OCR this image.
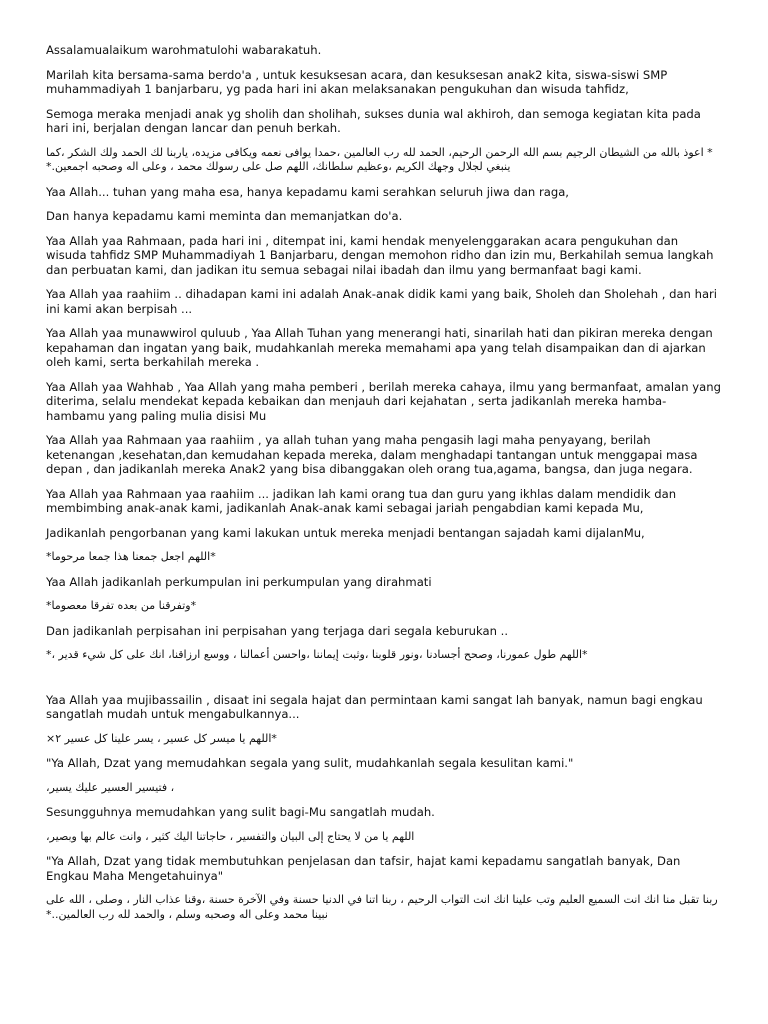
Assalamualaikum warohmatulohi wabarakatuh.

Marilah kita bersama-sama berdo'a , untuk kesuksesan acara, dan kesuksesan anak2 kita, siswa-siswi SMP muhammadiyah 1 banjarbaru, yg pada hari ini akan melaksanakan pengukuhan dan wisuda tahfidz,

Semoga meraka menjadi anak yg sholih dan sholihah, sukses dunia wal akhiroh, dan semoga kegiatan kita pada hari ini, berjalan dengan lancar dan penuh berkah.

* اعوذ بالله من الشيطان الرجيم بسم الله الرحمن الرحيم، الحمد لله رب العالمين ،حمدا يوافى نعمه ويكافى مزيده، ياربنا لك الحمد ولك الشكر ،كما ينبغي لجلال وجهك الكريم ،وعظيم سلطانك، اللهم صل على رسولك محمد ، وعلى اله وصحبه اجمعين.*

Yaa Allah... tuhan yang maha esa, hanya kepadamu kami serahkan seluruh jiwa dan raga,

Dan hanya kepadamu kami meminta dan memanjatkan do'a.

Yaa Allah yaa Rahmaan, pada hari ini , ditempat ini, kami hendak menyelenggarakan acara pengukuhan dan wisuda tahfidz SMP Muhammadiyah 1 Banjarbaru, dengan memohon ridho dan izin mu, Berkahilah semua langkah dan perbuatan kami, dan jadikan itu semua sebagai nilai ibadah dan ilmu yang bermanfaat bagi kami.

Yaa Allah yaa raahiim .. dihadapan kami ini adalah Anak-anak didik kami yang baik, Sholeh dan Sholehah , dan hari ini kami akan berpisah ...

Yaa Allah yaa munawwirol quluub , Yaa Allah Tuhan yang menerangi hati, sinarilah hati dan pikiran mereka dengan kepahaman dan ingatan yang baik, mudahkanlah mereka memahami apa yang telah disampaikan dan di ajarkan oleh kami, serta berkahilah mereka .

Yaa Allah yaa Wahhab , Yaa Allah yang maha pemberi , berilah mereka cahaya, ilmu yang bermanfaat, amalan yang diterima, selalu mendekat kepada kebaikan dan menjauh dari kejahatan , serta jadikanlah mereka hamba-hambamu yang paling mulia disisi Mu

Yaa Allah yaa Rahmaan yaa raahiim , ya allah tuhan yang maha pengasih lagi maha penyayang, berilah ketenangan ,kesehatan,dan kemudahan kepada mereka, dalam menghadapi tantangan untuk menggapai masa depan , dan jadikanlah mereka Anak2 yang bisa dibanggakan oleh orang tua,agama, bangsa, dan juga negara.

Yaa Allah yaa Rahmaan yaa raahiim ... jadikan lah kami orang tua dan guru yang ikhlas dalam mendidik dan membimbing anak-anak kami, jadikanlah Anak-anak kami sebagai jariah pengabdian kami kepada Mu,

Jadikanlah pengorbanan yang kami lakukan untuk mereka menjadi bentangan sajadah kami dijalanMu,

*اللهم اجعل جمعنا هذا جمعا مرحوما*

Yaa Allah jadikanlah perkumpulan ini perkumpulan yang dirahmati

*وتفرقنا من بعده تفرقا معصوما*

Dan jadikanlah perpisahan ini perpisahan yang terjaga dari segala keburukan ..

*اللهم طول عمورنا، وصحح أجسادنا ،ونور قلوبنا ،وثبت إيماننا ،واحسن أعمالنا ، ووسع ارزاقنا، انك على كل شيء قدير ،*

Yaa Allah yaa mujibassailin , disaat ini segala hajat dan permintaan kami sangat lah banyak, namun bagi engkau sangatlah mudah untuk mengabulkannya...

*اللهم يا ميسر كل عسير ، يسر علينا كل عسير ٢×

"Ya Allah, Dzat yang memudahkan segala yang sulit, mudahkanlah segala kesulitan kami."

، فتيسير العسير عليك يسير،

Sesungguhnya memudahkan yang sulit bagi-Mu sangatlah mudah.

اللهم يا من لا يحتاج إلى البيان والتفسير ، حاجاتنا اليك كثير ، وانت عالم بها وبصير،

"Ya Allah, Dzat yang tidak membutuhkan penjelasan dan tafsir, hajat kami kepadamu sangatlah banyak, Dan Engkau Maha Mengetahuinya"

ربنا تقبل منا انك انت السميع العليم وتب علينا انك انت التواب الرحيم ، ربنا اتنا في الدنيا حسنة وفي الآخرة حسنة ،وقنا عذاب النار ، وصلى ، الله على نبينا محمد وعلى اله وصحبه وسلم ، والحمد لله رب العالمين..*
